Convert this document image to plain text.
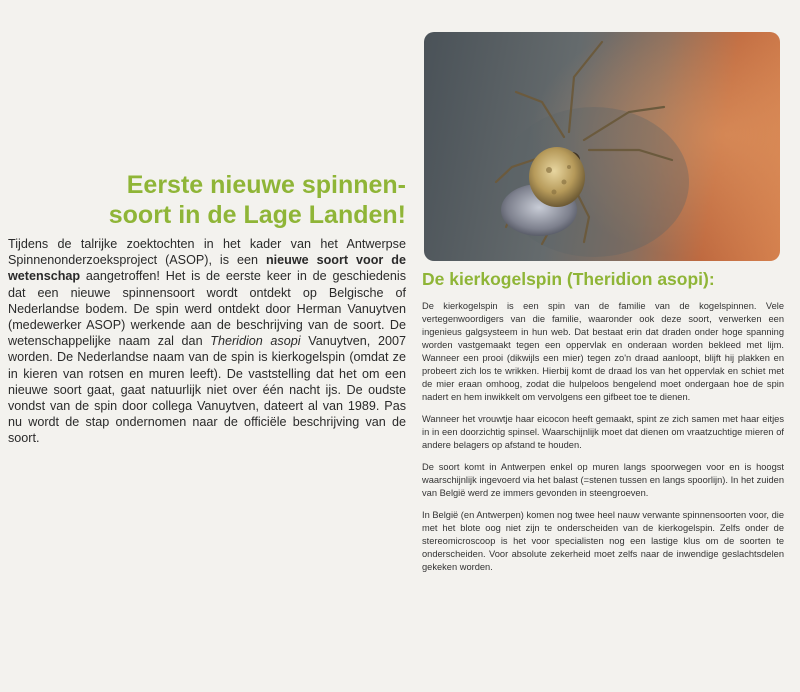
Eerste nieuwe spinnen-
soort in de Lage Landen!

Tijdens de talrijke zoektochten in het kader van het Antwerpse Spinnenonderzoeksproject (ASOP), is een nieuwe soort voor de wetenschap aangetroffen! Het is de eerste keer in de geschiedenis dat een nieuwe spinnensoort wordt ontdekt op Belgische of Nederlandse bodem. De spin werd ontdekt door Herman Vanuytven (medewerker ASOP) werkende aan de beschrijving van de soort. De wetenschappelijke naam zal dan Theridion asopi Vanuytven, 2007 worden. De Nederlandse naam van de spin is kierkogelspin (omdat ze in kieren van rotsen en muren leeft). De vaststelling dat het om een nieuwe soort gaat, gaat natuurlijk niet over één nacht ijs. De oudste vondst van de spin door collega Vanuytven, dateert al van 1989. Pas nu wordt de stap ondernomen naar de officiële beschrijving van de soort.

De kierkogelspin (Theridion asopi):

De kierkogelspin is een spin van de familie van de kogelspinnen. Vele vertegenwoordigers van die familie, waaronder ook deze soort, verwerken een ingenieus galgsysteem in hun web. Dat bestaat erin dat draden onder hoge spanning worden vastgemaakt tegen een oppervlak en onderaan worden bekleed met lijm. Wanneer een prooi (dikwijls een mier) tegen zo'n draad aanloopt, blijft hij plakken en probeert zich los te wrikken. Hierbij komt de draad los van het oppervlak en schiet met de mier eraan omhoog, zodat die hulpeloos bengelend moet ondergaan hoe de spin nadert en hem inwikkelt om vervolgens een gifbeet toe te dienen.

Wanneer het vrouwtje haar eicocon heeft gemaakt, spint ze zich samen met haar eitjes in in een doorzichtig spinsel. Waarschijnlijk moet dat dienen om vraatzuchtige mieren of andere belagers op afstand te houden.

De soort komt in Antwerpen enkel op muren langs spoorwegen voor en is hoogst waarschijnlijk ingevoerd via het balast (=stenen tussen en langs spoorlijn). In het zuiden van België werd ze immers gevonden in steengroeven.

In België (en Antwerpen) komen nog twee heel nauw verwante spinnensoorten voor, die met het blote oog niet zijn te onderscheiden van de kierkogelspin. Zelfs onder de stereomicroscoop is het voor specialisten nog een lastige klus om de soorten te onderscheiden. Voor absolute zekerheid moet zelfs naar de inwendige geslachtsdelen gekeken worden.
